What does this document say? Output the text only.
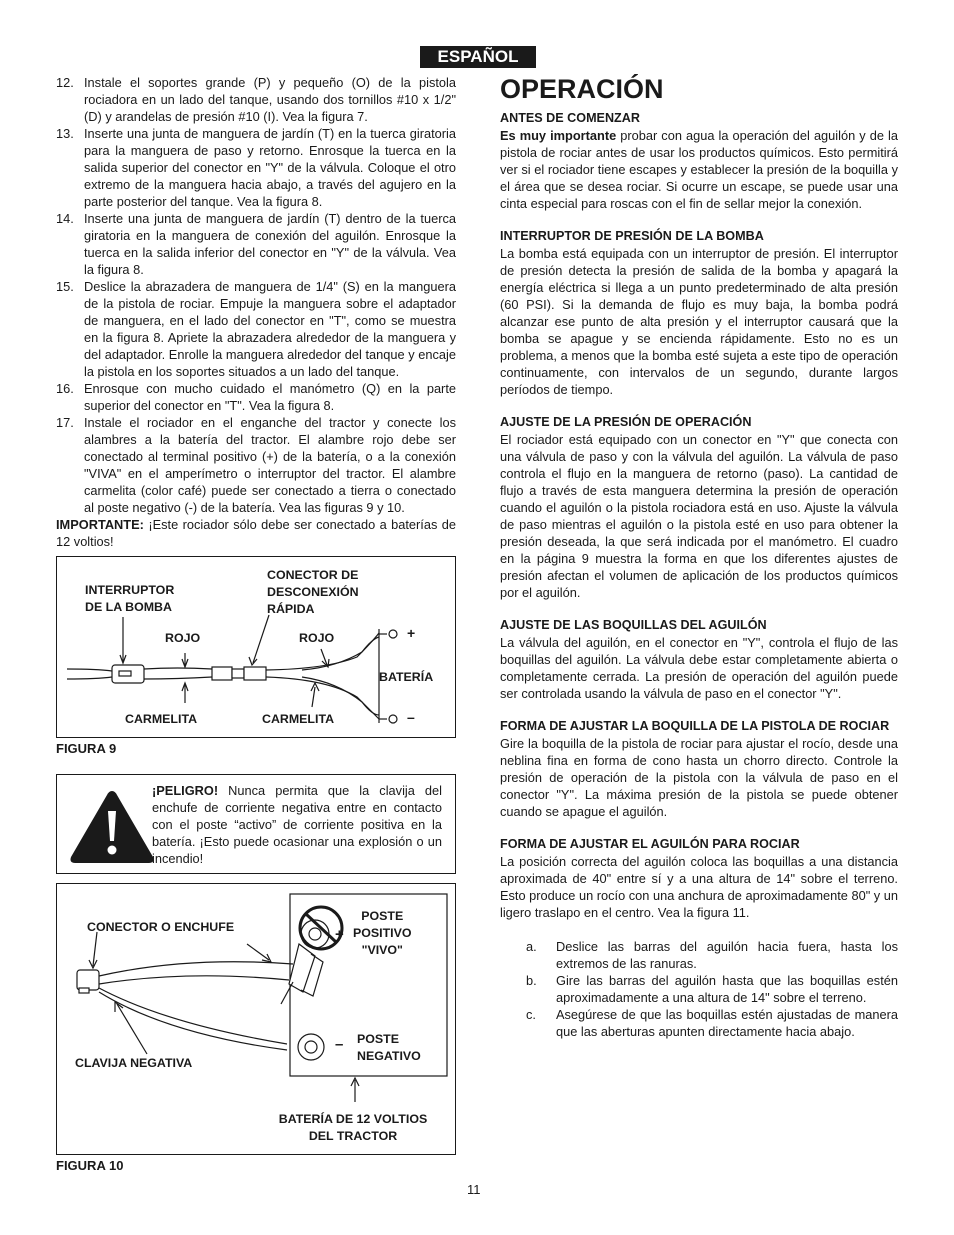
ESPAÑOL
12. Instale el soportes grande (P) y pequeño (O) de la pistola rociadora en un lado del tanque, usando dos tornillos #10 x 1/2" (D) y arandelas de presión #10 (I). Vea la figura 7.
13. Inserte una junta de manguera de jardín (T) en la tuerca giratoria para la manguera de paso y retorno. Enrosque la tuerca en la salida superior del conector en "Y" de la válvula. Coloque el otro extremo de la manguera hacia abajo, a través del agujero en la parte posterior del tanque. Vea la figura 8.
14. Inserte una junta de manguera de jardín (T) dentro de la tuerca giratoria en la manguera de conexión del aguilón. Enrosque la tuerca en la salida inferior del conector en "Y" de la válvula. Vea la figura 8.
15. Deslice la abrazadera de manguera de 1/4" (S) en la manguera de la pistola de rociar. Empuje la manguera sobre el adaptador de manguera, en el lado del conector en "T", como se muestra en la figura 8. Apriete la abrazadera alrededor de la manguera y del adaptador. Enrolle la manguera alrededor del tanque y encaje la pistola en los soportes situados a un lado del tanque.
16. Enrosque con mucho cuidado el manómetro (Q) en la parte superior del conector en "T". Vea la figura 8.
17. Instale el rociador en el enganche del tractor y conecte los alambres a la batería del tractor. El alambre rojo debe ser conectado al terminal positivo (+) de la batería, o a la conexión "VIVA" en el amperímetro o interruptor del tractor. El alambre carmelita (color café) puede ser conectado a tierra o conectado al poste negativo (-) de la batería. Vea las figuras 9 y 10.
IMPORTANTE: ¡Este rociador sólo debe ser conectado a baterías de 12 voltios!
INTERRUPTOR
DE LA BOMBA
CONECTOR DE
DESCONEXIÓN
RÁPIDA
ROJO	ROJO
BATERÍA
CARMELITA	CARMELITA
+
–
FIGURA 9
¡PELIGRO! Nunca permita que la clavija del enchufe de corriente negativa entre en contacto con el poste “activo” de corriente positiva en la batería. ¡Esto puede ocasionar una explosión o un incendio!
CONECTOR O ENCHUFE
CLAVIJA NEGATIVA
POSTE
POSITIVO
"VIVO"
POSTE
NEGATIVO
BATERÍA DE 12 VOLTIOS
DEL TRACTOR
+
–
FIGURA 10
OPERACIÓN
ANTES DE COMENZAR
Es muy importante probar con agua la operación del aguilón y de la pistola de rociar antes de usar los productos químicos. Esto permitirá ver si el rociador tiene escapes y establecer la presión de la boquilla y el área que se desea rociar. Si ocurre un escape, se puede usar una cinta especial para roscas con el fin de sellar mejor la conexión.
INTERRUPTOR DE PRESIÓN DE LA BOMBA
La bomba está equipada con un interruptor de presión. El interruptor de presión detecta la presión de salida de la bomba y apagará la energía eléctrica si llega a un punto predeterminado de alta presión (60 PSI). Si la demanda de flujo es muy baja, la bomba podrá alcanzar ese punto de alta presión y el interruptor causará que la bomba se apague y se encienda rápidamente. Esto no es un problema, a menos que la bomba esté sujeta a este tipo de operación continuamente, con intervalos de un segundo, durante largos períodos de tiempo.
AJUSTE DE LA PRESIÓN DE OPERACIÓN
El rociador está equipado con un conector en "Y" que conecta con una válvula de paso y con la válvula del aguilón. La válvula de paso controla el flujo en la manguera de retorno (paso). La cantidad de flujo a través de esta manguera determina la presión de operación cuando el aguilón o la pistola rociadora está en uso. Ajuste la válvula de paso mientras el aguilón o la pistola esté en uso para obtener la presión deseada, la que será indicada por el manómetro. El cuadro en la página 9 muestra la forma en que los diferentes ajustes de presión afectan el volumen de aplicación de los productos químicos por el aguilón.
AJUSTE DE LAS BOQUILLAS DEL AGUILÓN
La válvula del aguilón, en el conector en "Y", controla el flujo de las boquillas del aguilón. La válvula debe estar completamente abierta o completamente cerrada. La presión de operación del aguilón puede ser controlada usando la válvula de paso en el conector "Y".
FORMA DE AJUSTAR LA BOQUILLA DE LA PISTOLA DE ROCIAR
Gire la boquilla de la pistola de rociar para ajustar el rocío, desde una neblina fina en forma de cono hasta un chorro directo. Controle la presión de operación de la pistola con la válvula de paso en el conector "Y". La máxima presión de la pistola se puede obtener cuando se apague el aguilón.
FORMA DE AJUSTAR EL AGUILÓN PARA ROCIAR
La posición correcta del aguilón coloca las boquillas a una distancia aproximada de 40" entre sí y a una altura de 14" sobre el terreno. Esto produce un rocío con una anchura de aproximadamente 80" y un ligero traslapo en el centro. Vea la figura 11.
a.	Deslice las barras del aguilón hacia fuera, hasta los extremos de las ranuras.
b.	Gire las barras del aguilón hasta que las boquillas estén aproximadamente a una altura de 14" sobre el terreno.
c.	Asegúrese de que las boquillas estén ajustadas de manera que las aberturas apunten directamente hacia abajo.
11
